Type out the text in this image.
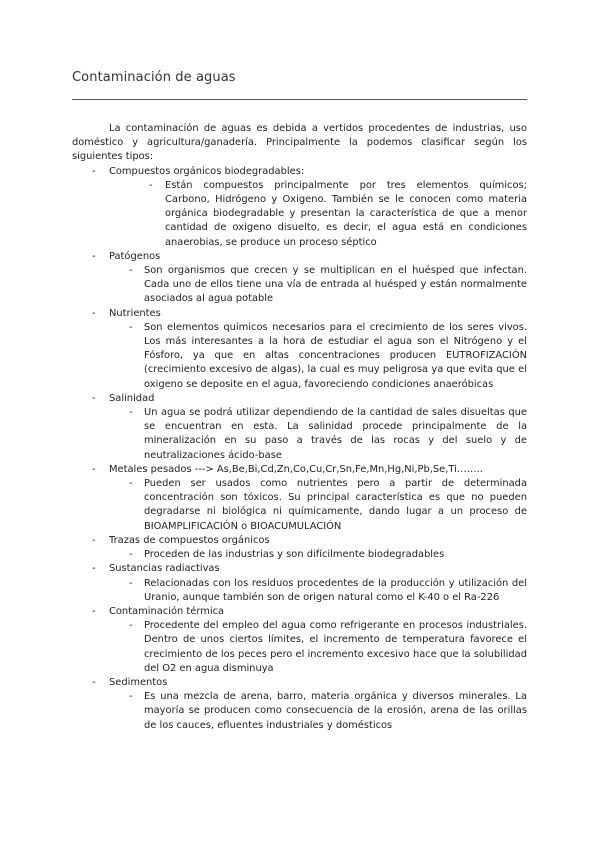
Contaminación de aguas

La contaminación de aguas es debida a vertidos procedentes de industrias, uso doméstico y agricultura/ganadería. Principalmente la podemos clasificar según los siguientes tipos:

- Compuestos orgánicos biodegradables:
- Están compuestos principalmente por tres elementos químicos; Carbono, Hidrógeno y Oxigeno. También se le conocen como materia orgánica biodegradable y presentan la característica de que a menor cantidad de oxigeno disuelto, es decir, el agua está en condiciones anaerobias, se produce un proceso séptico
- Patógenos
- Son organismos que crecen y se multiplican en el huésped que infectan. Cada uno de ellos tiene una vía de entrada al huésped y están normalmente asociados al agua potable
- Nutrientes
- Son elementos químicos necesarios para el crecimiento de los seres vivos. Los más interesantes a la hora de estudiar el agua son el Nitrógeno y el Fósforo, ya que en altas concentraciones producen EUTROFIZACIÓN (crecimiento excesivo de algas), la cual es muy peligrosa ya que evita que el oxigeno se deposite en el agua, favoreciendo condiciones anaeróbicas
- Salinidad
- Un agua se podrá utilizar dependiendo de la cantidad de sales disueltas que se encuentran en esta. La salinidad procede principalmente de la mineralización en su paso a través de las rocas y del suelo y de neutralizaciones ácido-base
- Metales pesados ---> As,Be,Bi,Cd,Zn,Co,Cu,Cr,Sn,Fe,Mn,Hg,Ni,Pb,Se,Ti……..
- Pueden ser usados como nutrientes pero a partir de determinada concentración son tóxicos. Su principal característica es que no pueden degradarse ni biológica ni químicamente, dando lugar a un proceso de BIOAMPLIFICACIÓN o BIOACUMULACIÓN
- Trazas de compuestos orgánicos
- Proceden de las industrias y son difícilmente biodegradables
- Sustancias radiactivas
- Relacionadas con los residuos procedentes de la producción y utilización del Uranio, aunque también son de origen natural como el K-40 o el Ra-226
- Contaminación térmica
- Procedente del empleo del agua como refrigerante en procesos industriales. Dentro de unos ciertos límites, el incremento de temperatura favorece el crecimiento de los peces pero el incremento excesivo hace que la solubilidad del O2 en agua disminuya
- Sedimentos
- Es una mezcla de arena, barro, materia orgánica y diversos minerales. La mayoría se producen como consecuencia de la erosión, arena de las orillas de los cauces, efluentes industriales y domésticos
